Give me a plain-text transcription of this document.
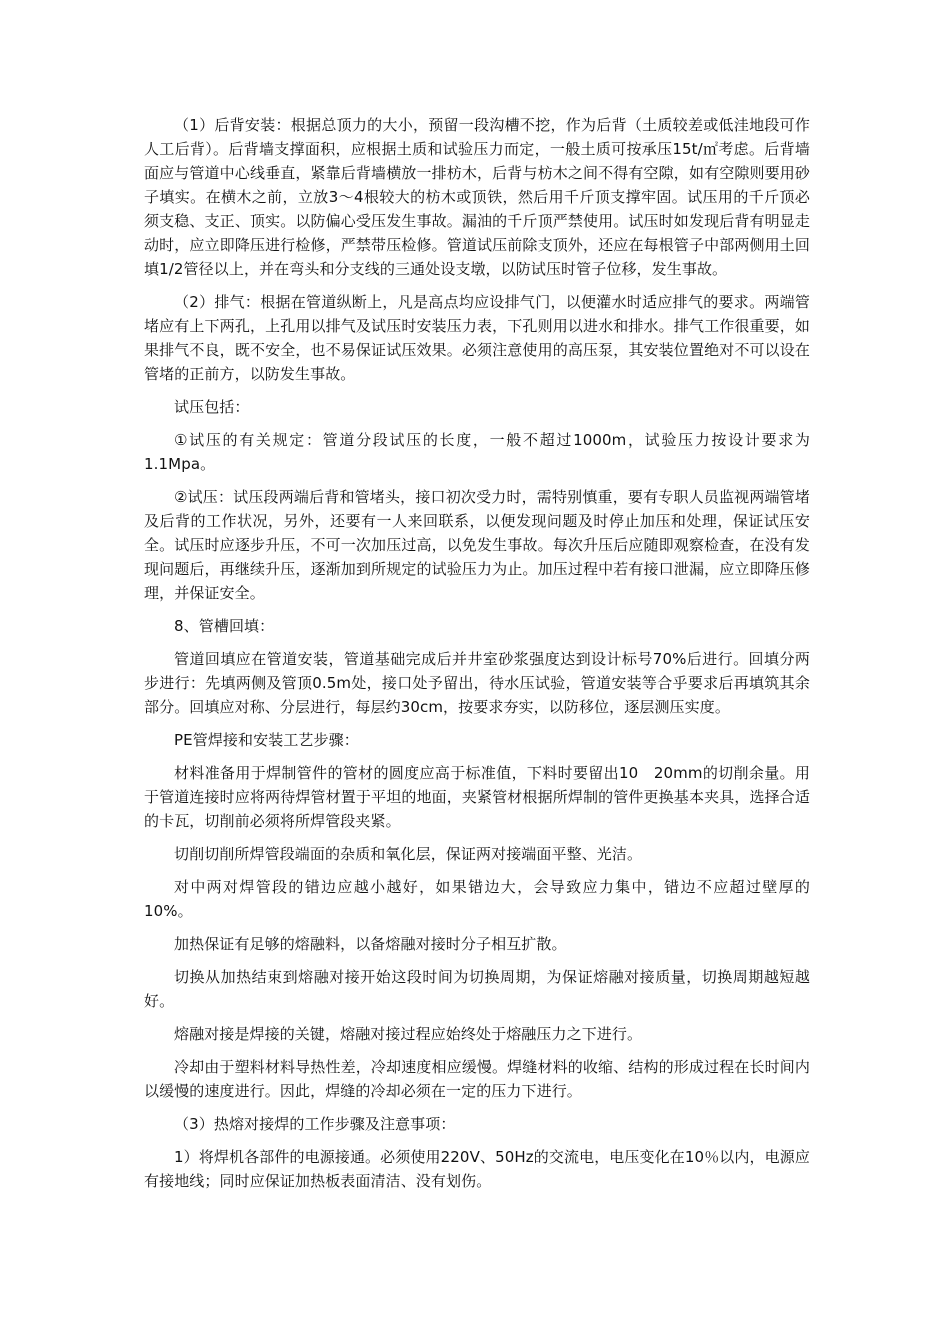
（1）后背安装：根据总顶力的大小，预留一段沟槽不挖，作为后背（土质较差或低洼地段可作人工后背）。后背墙支撑面积，应根据土质和试验压力而定，一般土质可按承压15t/㎡考虑。后背墙面应与管道中心线垂直，紧靠后背墙横放一排枋木，后背与枋木之间不得有空隙，如有空隙则要用砂子填实。在横木之前，立放3～4根较大的枋木或顶铁，然后用千斤顶支撑牢固。试压用的千斤顶必须支稳、支正、顶实。以防偏心受压发生事故。漏油的千斤顶严禁使用。试压时如发现后背有明显走动时，应立即降压进行检修，严禁带压检修。管道试压前除支顶外，还应在每根管子中部两侧用土回填1/2管径以上，并在弯头和分支线的三通处设支墩，以防试压时管子位移，发生事故。

（2）排气：根据在管道纵断上，凡是高点均应设排气门，以便灌水时适应排气的要求。两端管堵应有上下两孔，上孔用以排气及试压时安装压力表，下孔则用以进水和排水。排气工作很重要，如果排气不良，既不安全，也不易保证试压效果。必须注意使用的高压泵，其安装位置绝对不可以设在管堵的正前方，以防发生事故。

试压包括：

①试压的有关规定：管道分段试压的长度，一般不超过1000m，试验压力按设计要求为1.1Mpa。

②试压：试压段两端后背和管堵头，接口初次受力时，需特别慎重，要有专职人员监视两端管堵及后背的工作状况，另外，还要有一人来回联系，以便发现问题及时停止加压和处理，保证试压安全。试压时应逐步升压，不可一次加压过高，以免发生事故。每次升压后应随即观察检查，在没有发现问题后，再继续升压，逐渐加到所规定的试验压力为止。加压过程中若有接口泄漏，应立即降压修理，并保证安全。

8、管槽回填：

管道回填应在管道安装，管道基础完成后并井室砂浆强度达到设计标号70%后进行。回填分两步进行：先填两侧及管顶0.5m处，接口处予留出，待水压试验，管道安装等合乎要求后再填筑其余部分。回填应对称、分层进行，每层约30cm，按要求夯实，以防移位，逐层测压实度。

PE管焊接和安装工艺步骤：

材料准备用于焊制管件的管材的圆度应高于标准值，下料时要留出10　20mm的切削余量。用于管道连接时应将两待焊管材置于平坦的地面，夹紧管材根据所焊制的管件更换基本夹具，选择合适的卡瓦，切削前必须将所焊管段夹紧。

切削切削所焊管段端面的杂质和氧化层，保证两对接端面平整、光洁。

对中两对焊管段的错边应越小越好，如果错边大，会导致应力集中，错边不应超过壁厚的10%。

加热保证有足够的熔融料，以备熔融对接时分子相互扩散。

切换从加热结束到熔融对接开始这段时间为切换周期，为保证熔融对接质量，切换周期越短越好。

熔融对接是焊接的关键，熔融对接过程应始终处于熔融压力之下进行。

冷却由于塑料材料导热性差，冷却速度相应缓慢。焊缝材料的收缩、结构的形成过程在长时间内以缓慢的速度进行。因此，焊缝的冷却必须在一定的压力下进行。

（3）热熔对接焊的工作步骤及注意事项：

1）将焊机各部件的电源接通。必须使用220V、50Hz的交流电，电压变化在10％以内，电源应有接地线；同时应保证加热板表面清洁、没有划伤。
